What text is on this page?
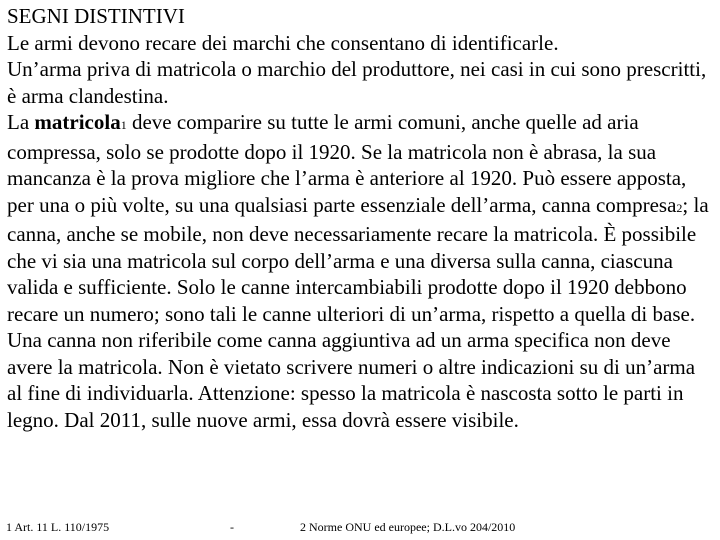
SEGNI DISTINTIVI

Le armi devono recare dei marchi che consentano di identificarle.

Un’arma priva di matricola o marchio del produttore, nei casi in cui sono prescritti, è arma clandestina.

La matricola1 deve comparire su tutte le armi comuni, anche quelle ad aria compressa, solo se prodotte dopo il 1920. Se la matricola non è abrasa, la sua mancanza è la prova migliore che l’arma è anteriore al 1920. Può essere apposta, per una o più volte, su una qualsiasi parte essenziale dell’arma, canna compresa2; la canna, anche se mobile, non deve necessariamente recare la matricola. È possibile che vi sia una matricola sul corpo dell’arma e una diversa sulla canna, ciascuna valida e sufficiente. Solo le canne intercambiabili prodotte dopo il 1920 debbono recare un numero; sono tali le canne ulteriori di un’arma, rispetto a quella di base. Una canna non riferibile come canna aggiuntiva ad un arma specifica non deve avere la matricola. Non è vietato scrivere numeri o altre indicazioni su di un’arma al fine di individuarla. Attenzione: spesso la matricola è nascosta sotto le parti in legno. Dal 2011, sulle nuove armi, essa dovrà essere visibile.

1 Art. 11 L. 110/1975	-	2 Norme ONU ed europee; D.L.vo 204/2010
